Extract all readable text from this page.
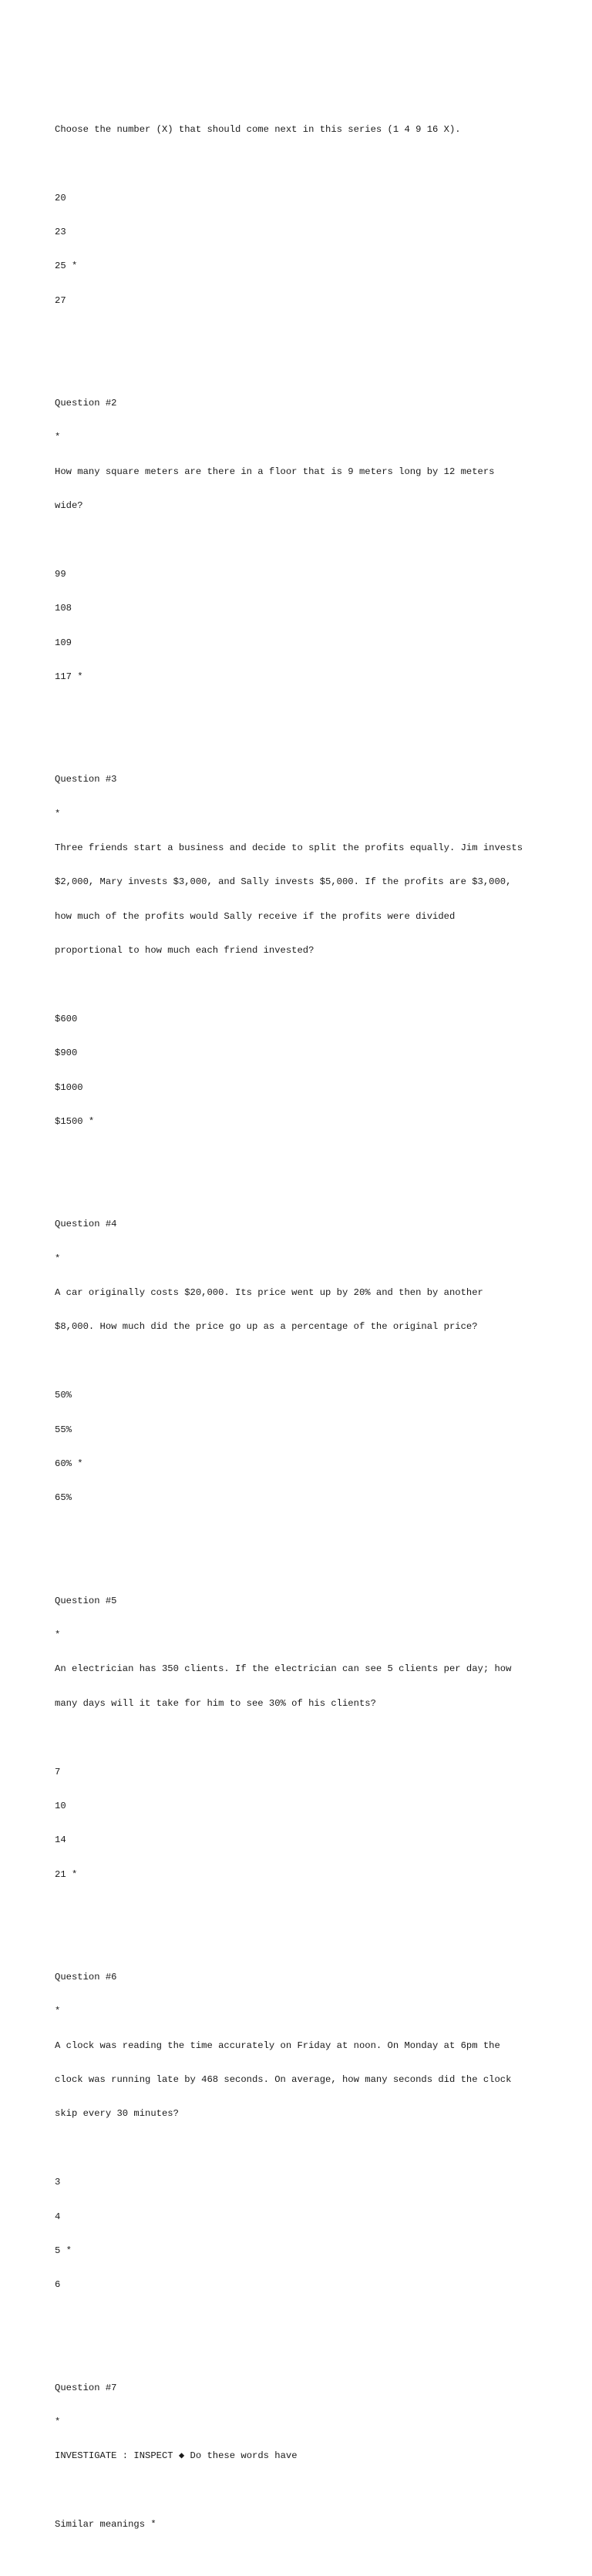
Choose the number (X) that should come next in this series (1 4 9 16 X).

20

23

25 *

27

Question #2

*

How many square meters are there in a floor that is 9 meters long by 12 meters

wide?

99

108

109

117 *

Question #3

*

Three friends start a business and decide to split the profits equally. Jim invests

$2,000, Mary invests $3,000, and Sally invests $5,000. If the profits are $3,000,

how much of the profits would Sally receive if the profits were divided

proportional to how much each friend invested?

$600

$900

$1000

$1500 *

Question #4

*

A car originally costs $20,000. Its price went up by 20% and then by another

$8,000. How much did the price go up as a percentage of the original price?

50%

55%

60% *

65%

Question #5

*

An electrician has 350 clients. If the electrician can see 5 clients per day; how

many days will it take for him to see 30% of his clients?

7

10

14

21 *

Question #6

*

A clock was reading the time accurately on Friday at noon. On Monday at 6pm the

clock was running late by 468 seconds. On average, how many seconds did the clock

skip every 30 minutes?

3

4

5 *

6

Question #7

*

INVESTIGATE : INSPECT ◆ Do these words have

Similar meanings *
